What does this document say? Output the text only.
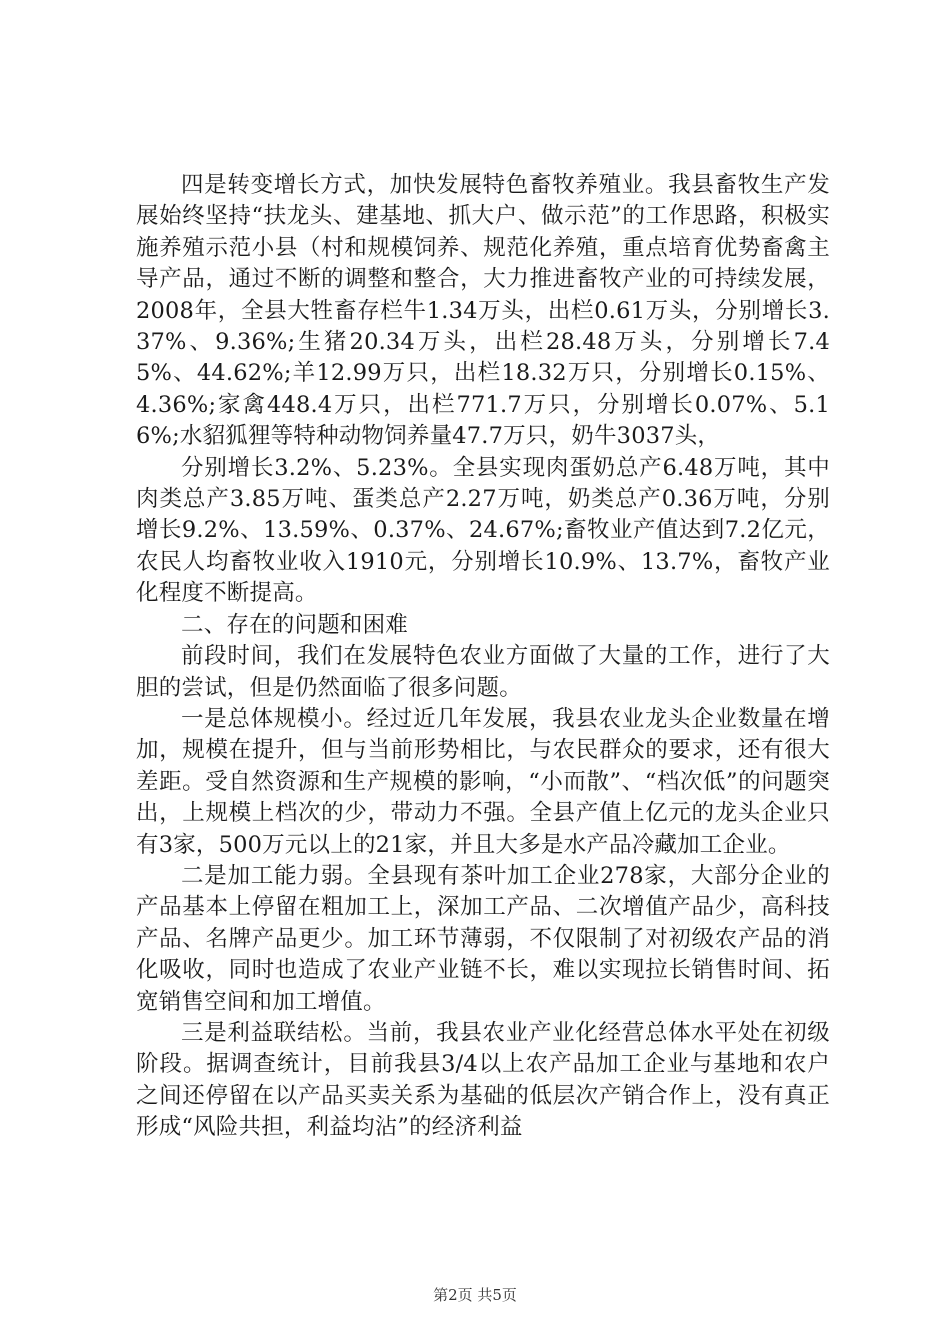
四是转变增长方式，加快发展特色畜牧养殖业。我县畜牧生产发展始终坚持“扶龙头、建基地、抓大户、做示范”的工作思路，积极实施养殖示范小县（村和规模饲养、规范化养殖，重点培育优势畜禽主导产品，通过不断的调整和整合，大力推进畜牧产业的可持续发展，2008年，全县大牲畜存栏牛1.34万头，出栏0.61万头，分别增长3.37%、9.36%;生猪20.34万头，出栏28.48万头，分别增长7.45%、44.62%;羊12.99万只，出栏18.32万只，分别增长0.15%、4.36%;家禽448.4万只，出栏771.7万只，分别增长0.07%、5.16%;水貂狐狸等特种动物饲养量47.7万只，奶牛3037头，

分别增长3.2%、5.23%。全县实现肉蛋奶总产6.48万吨，其中肉类总产3.85万吨、蛋类总产2.27万吨，奶类总产0.36万吨，分别增长9.2%、13.59%、0.37%、24.67%;畜牧业产值达到7.2亿元，农民人均畜牧业收入1910元，分别增长10.9%、13.7%，畜牧产业化程度不断提高。

二、存在的问题和困难

前段时间，我们在发展特色农业方面做了大量的工作，进行了大胆的尝试，但是仍然面临了很多问题。

一是总体规模小。经过近几年发展，我县农业龙头企业数量在增加，规模在提升，但与当前形势相比，与农民群众的要求，还有很大差距。受自然资源和生产规模的影响，“小而散”、“档次低”的问题突出，上规模上档次的少，带动力不强。全县产值上亿元的龙头企业只有3家，500万元以上的21家，并且大多是水产品冷藏加工企业。

二是加工能力弱。全县现有茶叶加工企业278家，大部分企业的产品基本上停留在粗加工上，深加工产品、二次增值产品少，高科技产品、名牌产品更少。加工环节薄弱，不仅限制了对初级农产品的消化吸收，同时也造成了农业产业链不长，难以实现拉长销售时间、拓宽销售空间和加工增值。

三是利益联结松。当前，我县农业产业化经营总体水平处在初级阶段。据调查统计，目前我县3/4以上农产品加工企业与基地和农户之间还停留在以产品买卖关系为基础的低层次产销合作上，没有真正形成“风险共担，利益均沾”的经济利益

第2页 共5页
